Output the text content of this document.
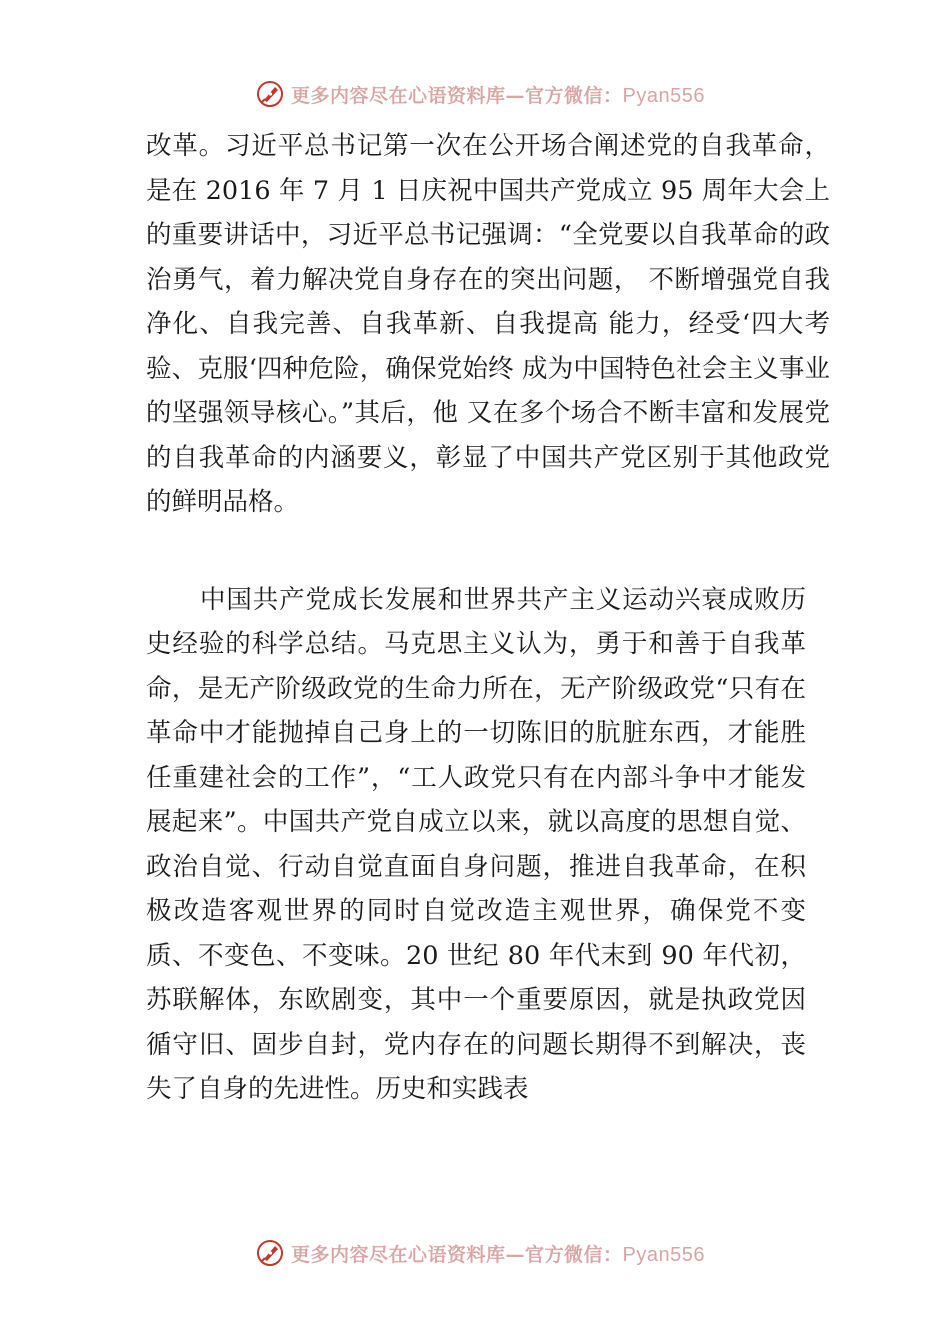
更多内容尽在心语资料库—官方微信：Pyan556

改革。习近平总书记第一次在公开场合阐述党的自我革命，是在 2016 年 7 月 1 日庆祝中国共产党成立 95 周年大会上的重要讲话中，习近平总书记强调：“全党要以自我革命的政治勇气，着力解决党自身存在的突出问题， 不断增强党自我净化、自我完善、自我革新、自我提高 能力，经受‘四大考验、克服‘四种危险，确保党始终 成为中国特色社会主义事业的坚强领导核心。”其后，他 又在多个场合不断丰富和发展党的自我革命的内涵要义，彰显了中国共产党区别于其他政党的鲜明品格。

中国共产党成长发展和世界共产主义运动兴衰成败历史经验的科学总结。马克思主义认为，勇于和善于自我革命，是无产阶级政党的生命力所在，无产阶级政党“只有在革命中才能抛掉自己身上的一切陈旧的肮脏东西，才能胜任重建社会的工作”，“工人政党只有在内部斗争中才能发展起来”。中国共产党自成立以来，就以高度的思想自觉、政治自觉、行动自觉直面自身问题，推进自我革命，在积极改造客观世界的同时自觉改造主观世界，确保党不变质、不变色、不变味。20 世纪 80 年代末到 90 年代初，苏联解体，东欧剧变，其中一个重要原因，就是执政党因循守旧、固步自封，党内存在的问题长期得不到解决，丧失了自身的先进性。历史和实践表

更多内容尽在心语资料库—官方微信：Pyan556
